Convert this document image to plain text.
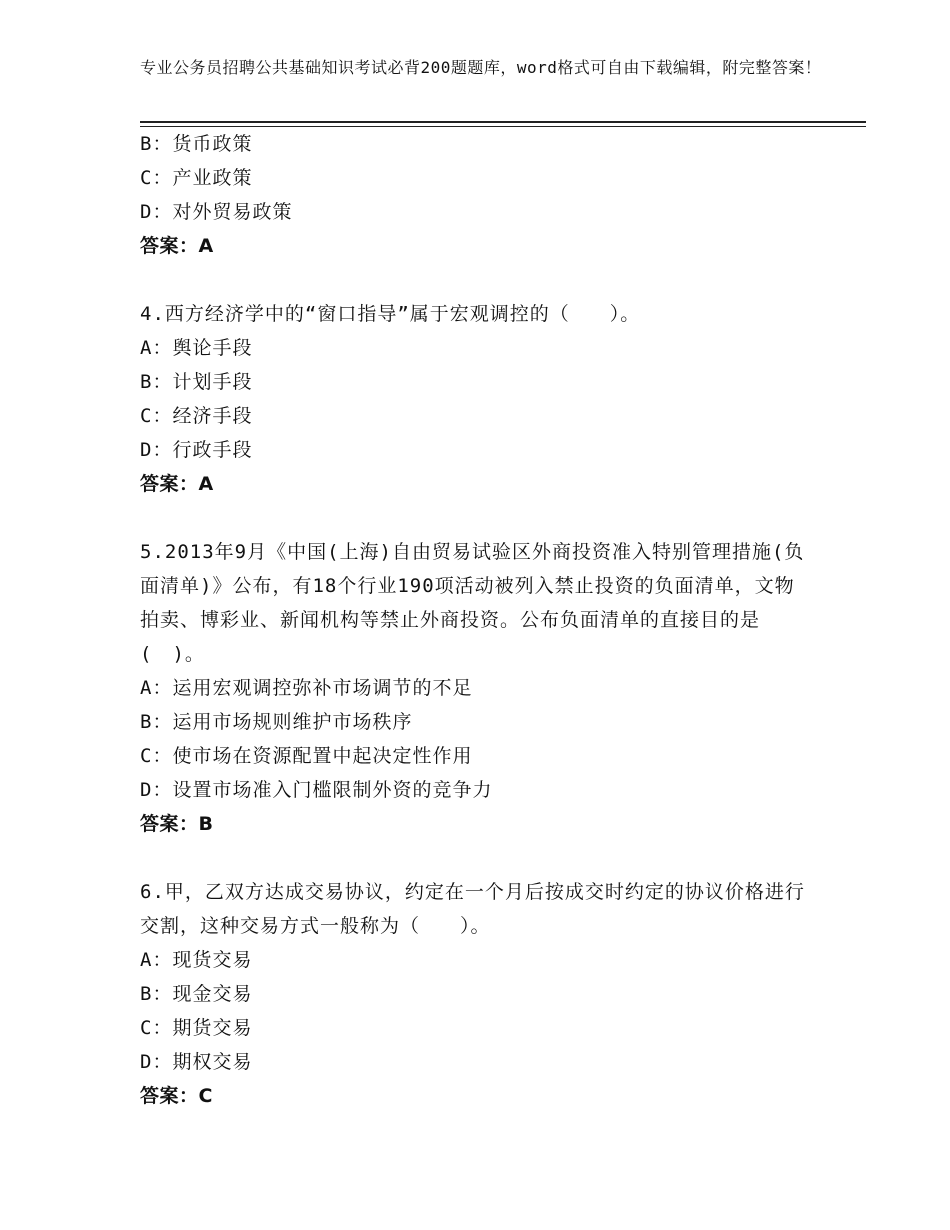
专业公务员招聘公共基础知识考试必背200题题库，word格式可自由下载编辑，附完整答案！

B：货币政策

C：产业政策

D：对外贸易政策

答案：A

4.西方经济学中的“窗口指导”属于宏观调控的（　　）。

A：舆论手段

B：计划手段

C：经济手段

D：行政手段

答案：A

5.2013年9月《中国(上海)自由贸易试验区外商投资准入特别管理措施(负面清单)》公布，有18个行业190项活动被列入禁止投资的负面清单，文物拍卖、博彩业、新闻机构等禁止外商投资。公布负面清单的直接目的是(　)。

A：运用宏观调控弥补市场调节的不足

B：运用市场规则维护市场秩序

C：使市场在资源配置中起决定性作用

D：设置市场准入门槛限制外资的竞争力

答案：B

6.甲，乙双方达成交易协议，约定在一个月后按成交时约定的协议价格进行交割，这种交易方式一般称为（　　）。

A：现货交易

B：现金交易

C：期货交易

D：期权交易

答案：C
